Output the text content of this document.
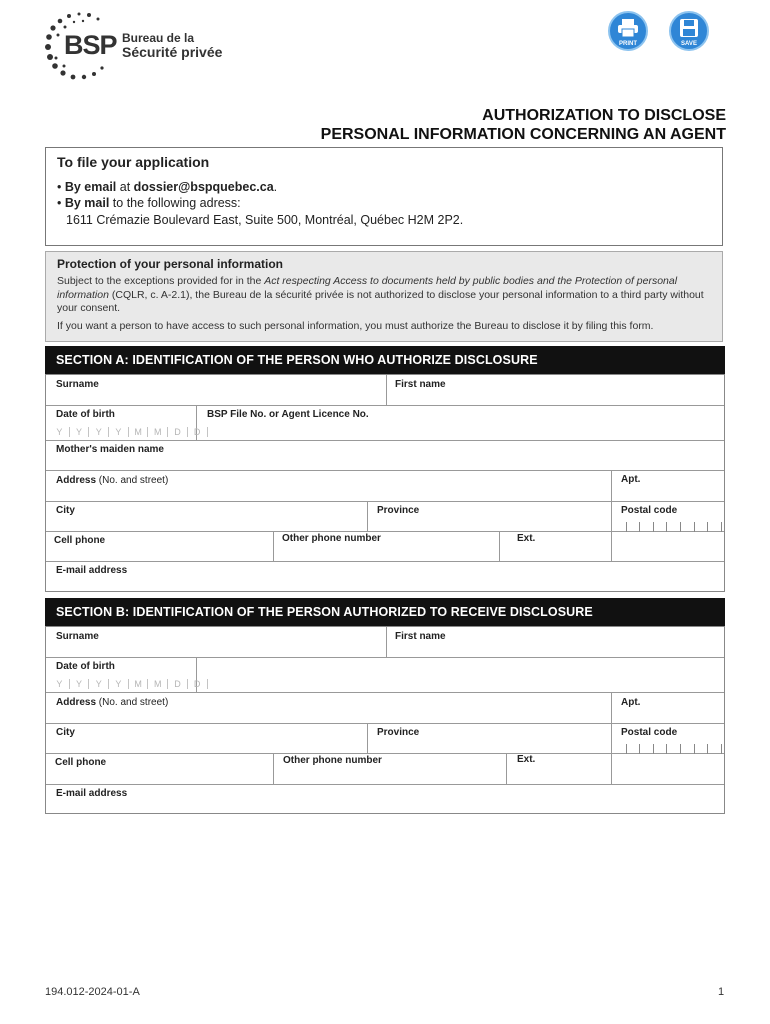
BSP Bureau de la
Sécurité privée	PRINT	SAVE
AUTHORIZATION TO DISCLOSE
PERSONAL INFORMATION CONCERNING AN AGENT
To file your application
• By email at dossier@bspquebec.ca.
• By mail to the following adress:
1611 Crémazie Boulevard East, Suite 500, Montréal, Québec H2M 2P2.
Protection of your personal information
Subject to the exceptions provided for in the Act respecting Access to documents held by public bodies and the Protection of personal information (CQLR, c. A-2.1), the Bureau de la sécurité privée is not authorized to disclose your personal information to a third party without your consent.
If you want a person to have access to such personal information, you must authorize the Bureau to disclose it by filing this form.
SECTION A: IDENTIFICATION OF THE PERSON WHO AUTHORIZE DISCLOSURE
Surname	First name
Date of birth
Y Y Y Y M M D D
BSP File No. or Agent Licence No.
Mother's maiden name
Address (No. and street)	Apt.
City	Province	Postal code
Cell phone	Other phone number	Ext.
E-mail address
SECTION B: IDENTIFICATION OF THE PERSON AUTHORIZED TO RECEIVE DISCLOSURE
Surname	First name
Date of birth
Y Y Y Y M M D D
Address (No. and street)	Apt.
City	Province	Postal code
Cell phone	Other phone number	Ext.
E-mail address
194.012-2024-01-A	1
